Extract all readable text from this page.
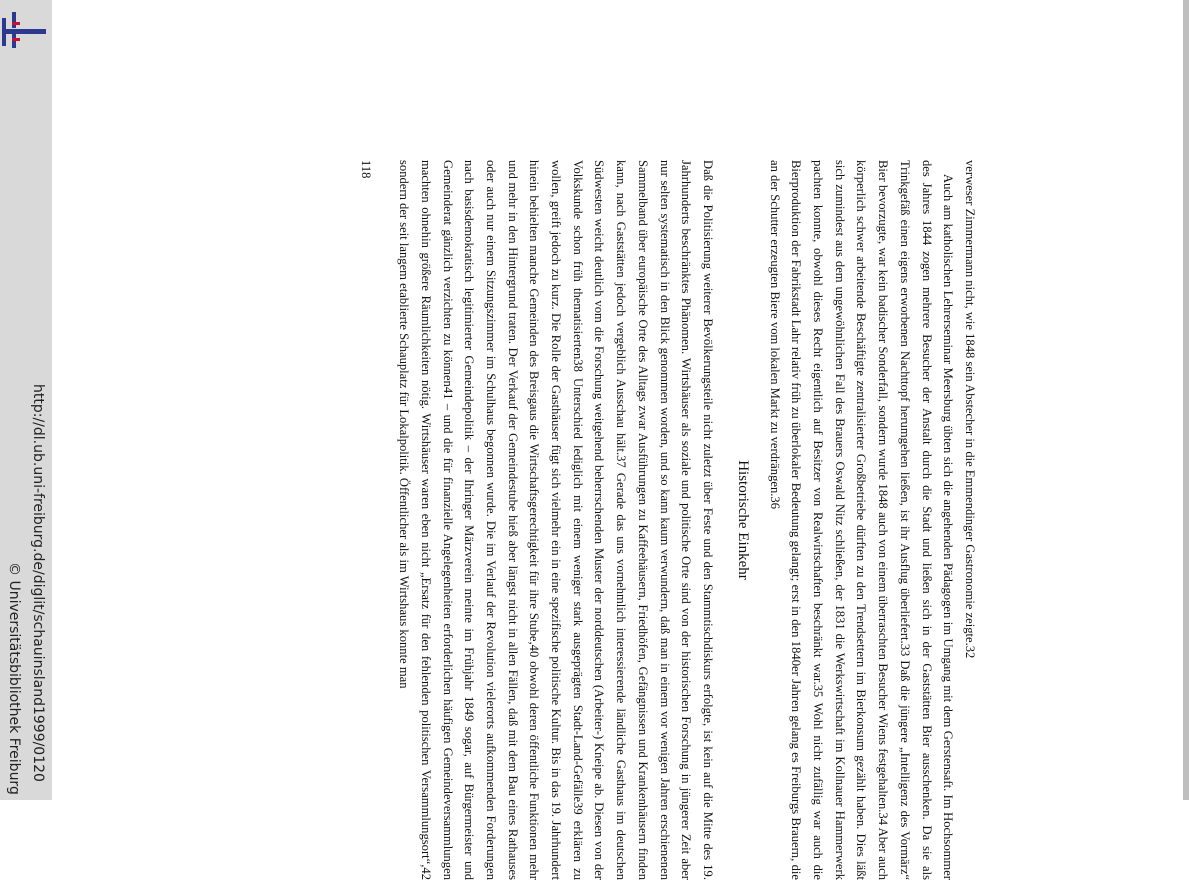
http://dl.ub.uni-freiburg.de/diglit/schauinsland1999/0120
© Universitätsbibliothek Freiburg

verweser Zimmermann nicht, wie 1848 sein Abstecher in die Emmendinger Gastronomie zeigte.32

Auch am katholischen Lehrerseminar Meersburg übten sich die angehenden Pädagogen im Umgang mit dem Gerstensaft. Im Hochsommer des Jahres 1844 zogen mehrere Besucher der Anstalt durch die Stadt und ließen sich in der Gaststätten Bier ausschenken. Da sie als Trinkgefäß einen eigens erworbenen Nachttopf herumgehen ließen, ist ihr Ausflug überliefert.33 Daß die jüngere „Intelligenz des Vormärz“ Bier bevorzugte, war kein badischer Sonderfall, sondern wurde 1848 auch von einem überraschten Besucher Wiens festgehalten.34 Aber auch körperlich schwer arbeitende Beschäftigte zentralisierter Großbetriebe dürften zu den Trendsettern im Bierkonsum gezählt haben. Dies läßt sich zumindest aus dem ungewöhnlichen Fall des Brauers Oswald Nitz schließen, der 1831 die Werkswirtschaft im Kollnauer Hammerwerk pachten konnte, obwohl dieses Recht eigentlich auf Besitzer von Realwirtschaften beschränkt war.35 Wohl nicht zufällig war auch die Bierproduktion der Fabrikstadt Lahr relativ früh zu überlokaler Bedeutung gelangt; erst in den 1840er Jahren gelang es Freiburgs Brauern, die an der Schutter erzeugten Biere vom lokalen Markt zu verdrängen.36

Historische Einkehr

Daß die Politisierung weiterer Bevölkerungsteile nicht zuletzt über Feste und den Stammtischdiskurs erfolgte, ist kein auf die Mitte des 19. Jahrhunderts beschränktes Phänomen. Wirtshäuser als soziale und politische Orte sind von der historischen Forschung in jüngerer Zeit aber nur selten systematisch in den Blick genommen worden, und so kann kaum verwundern, daß man in einem vor wenigen Jahren erschienenen Sammelband über europäische Orte des Alltags zwar Ausführungen zu Kaffeehäusern, Friedhöfen, Gefängnissen und Krankenhäusern finden kann, nach Gaststätten jedoch vergeblich Ausschau hält.37 Gerade das uns vornehmlich interessierende ländliche Gasthaus im deutschen Südwesten weicht deutlich vom die Forschung weitgehend beherrschenden Muster der norddeutschen (Arbeiter-) Kneipe ab. Diesen von der Volkskunde schon früh thematisierten38 Unterschied lediglich mit einem weniger stark ausgeprägten Stadt-Land-Gefälle39 erklären zu wollen, greift jedoch zu kurz. Die Rolle der Gasthäuser fügt sich vielmehr ein in eine spezifische politische Kultur. Bis in das 19. Jahrhundert hinein behielten manche Gemeinden des Breisgaus die Wirtschaftsgerechtigkeit für ihre Stube,40 obwohl deren öffentliche Funktionen mehr und mehr in den Hintergrund traten. Der Verkauf der Gemeindestube hieß aber längst nicht in allen Fällen, daß mit dem Bau eines Rathauses oder auch nur einem Sitzungszimmer im Schulhaus begonnen wurde. Die im Verlauf der Revolution vielerorts aufkommenden Forderungen nach basisdemokratisch legitimierter Gemeindepolitik – der Ihringer Märzverein meinte im Frühjahr 1849 sogar, auf Bürgermeister und Gemeinderat gänzlich verzichten zu können41 – und die für finanzielle Angelegenheiten erforderlichen häufigen Gemeindeversammlungen machten ohnehin größere Räumlichkeiten nötig. Wirtshäuser waren eben nicht „Ersatz für den fehlenden politischen Versammlungsort“,42 sondern der seit langem etablierte Schauplatz für Lokalpolitik. Öffentlicher als im Wirtshaus konnte man

118
